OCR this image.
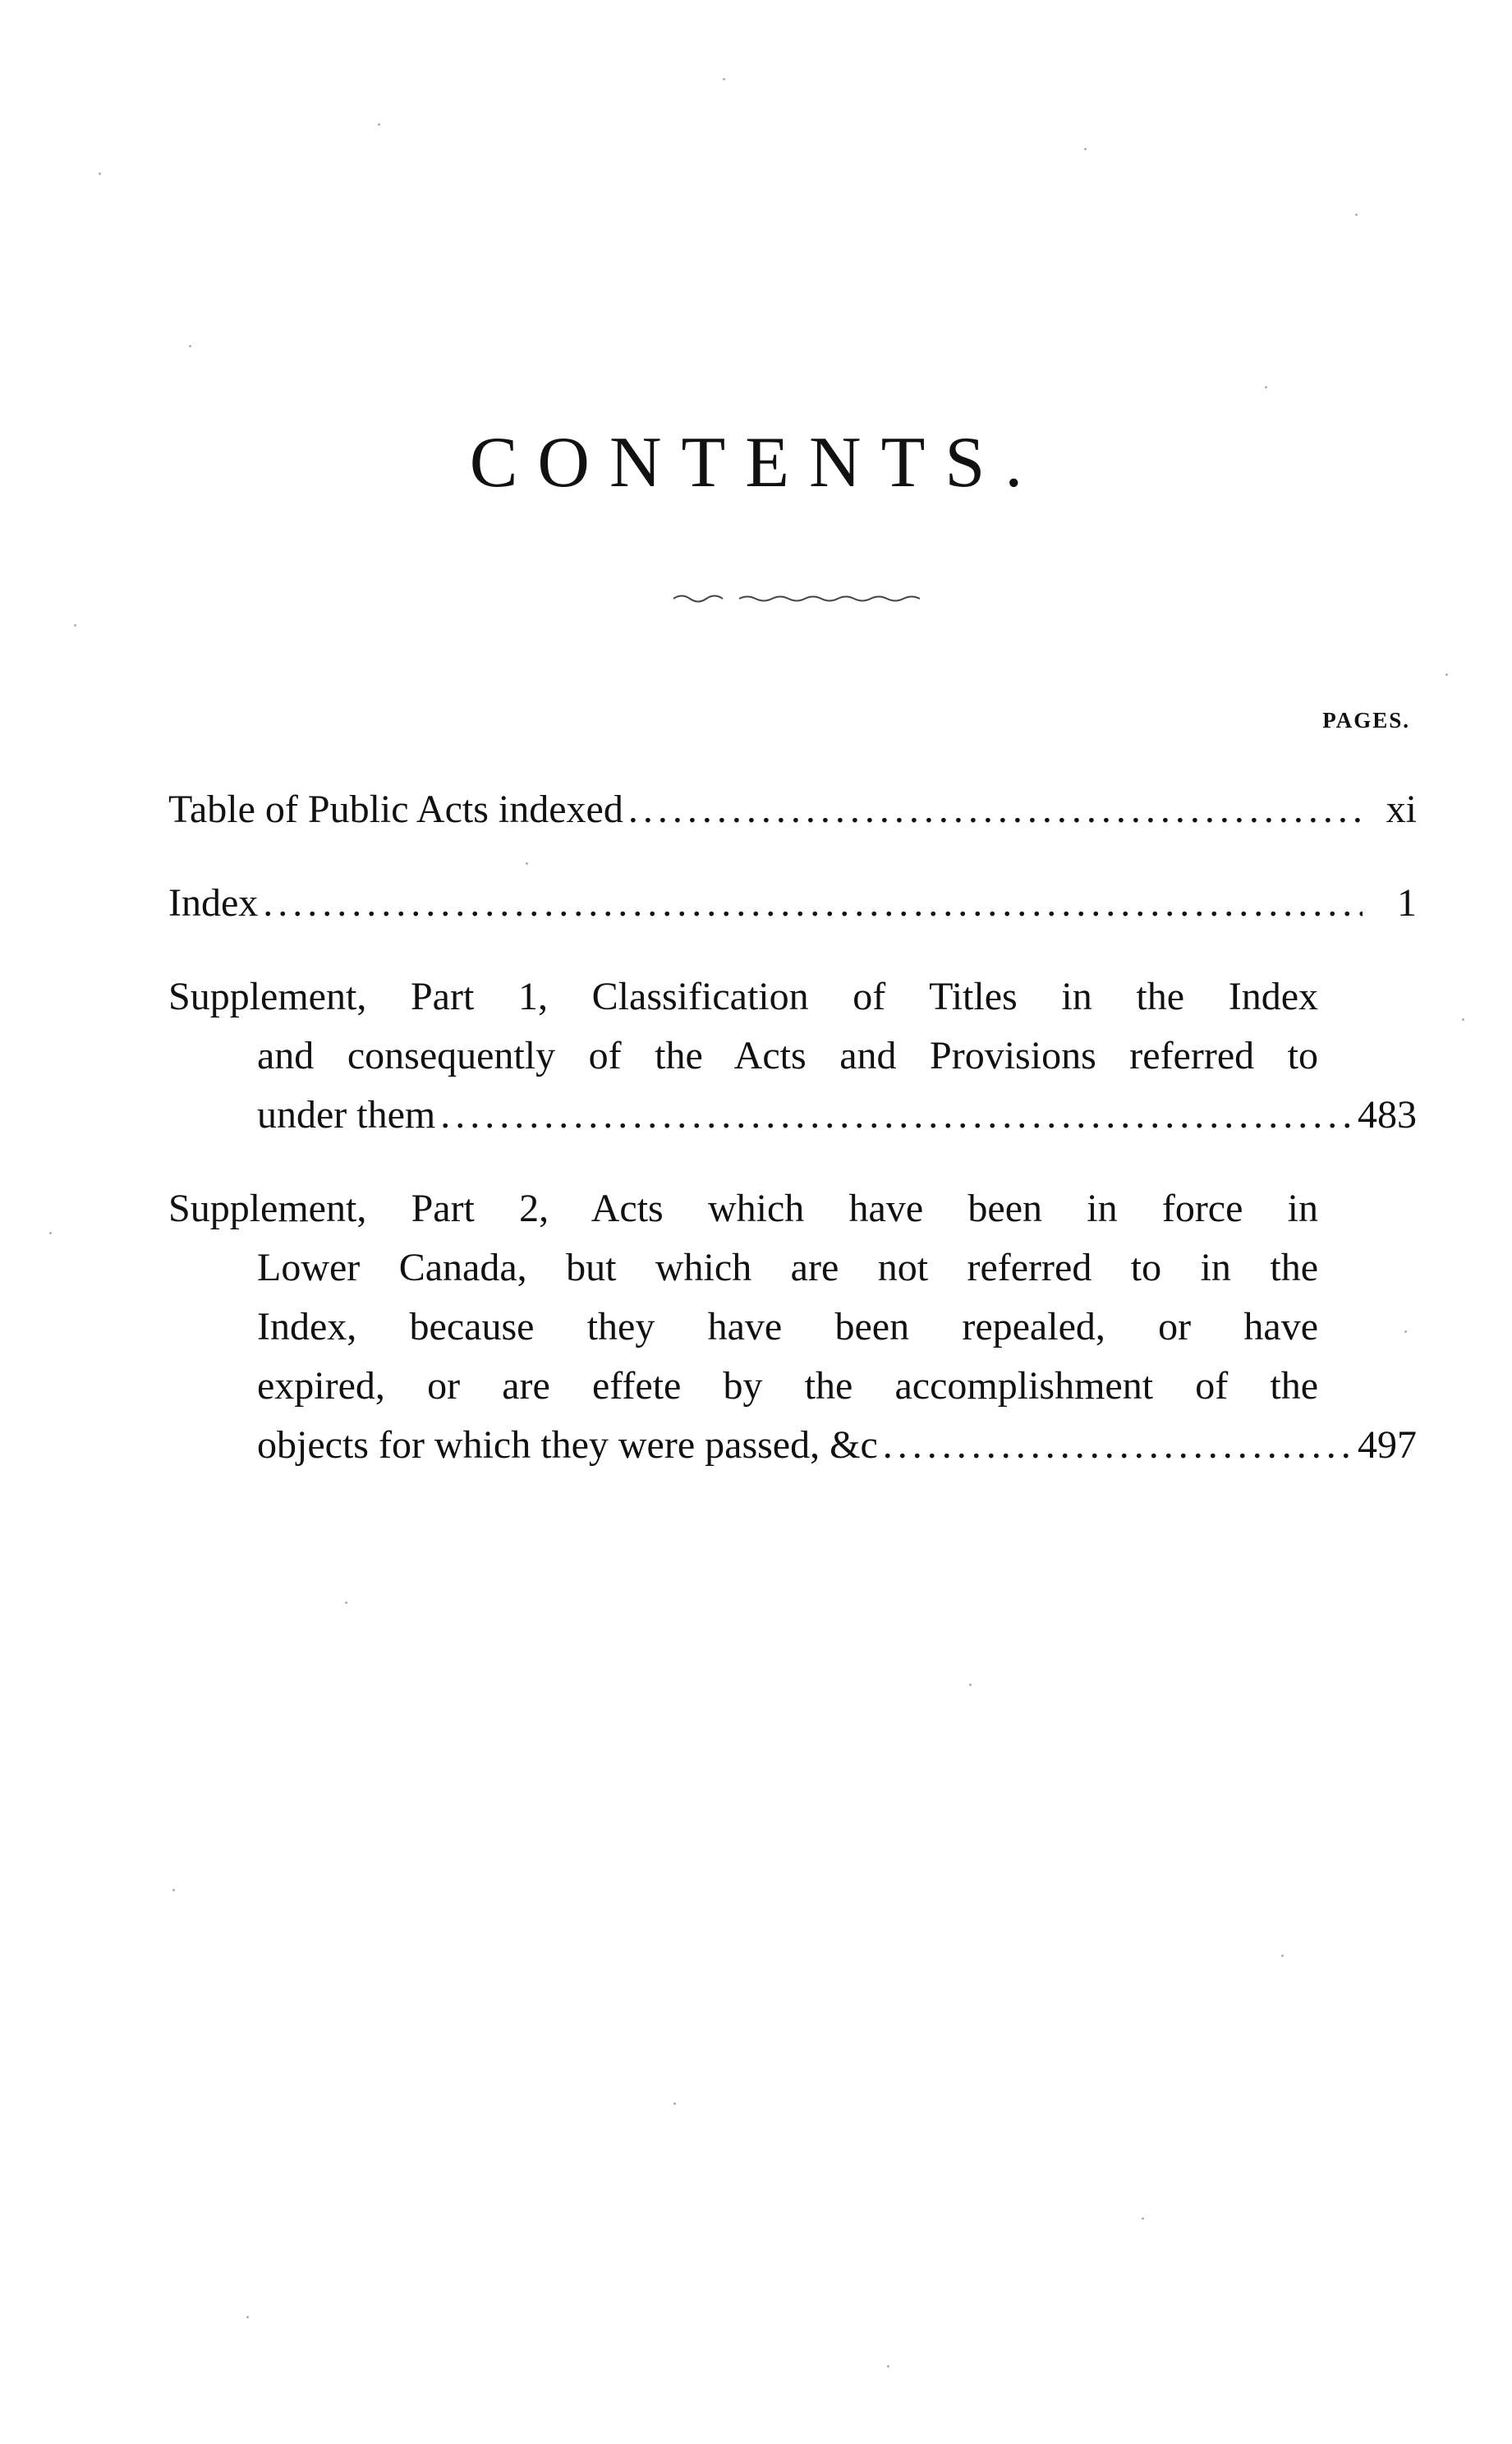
CONTENTS.
PAGES.
Table of Public Acts indexed .....	xi
Index .....	1
Supplement, Part 1, Classification of Titles in the Index
and consequently of the Acts and Provisions referred to
under them .....	483
Supplement, Part 2, Acts which have been in force in
Lower Canada, but which are not referred to in the
Index, because they have been repealed, or have
expired, or are effete by the accomplishment of the
objects for which they were passed, &c .....	497
